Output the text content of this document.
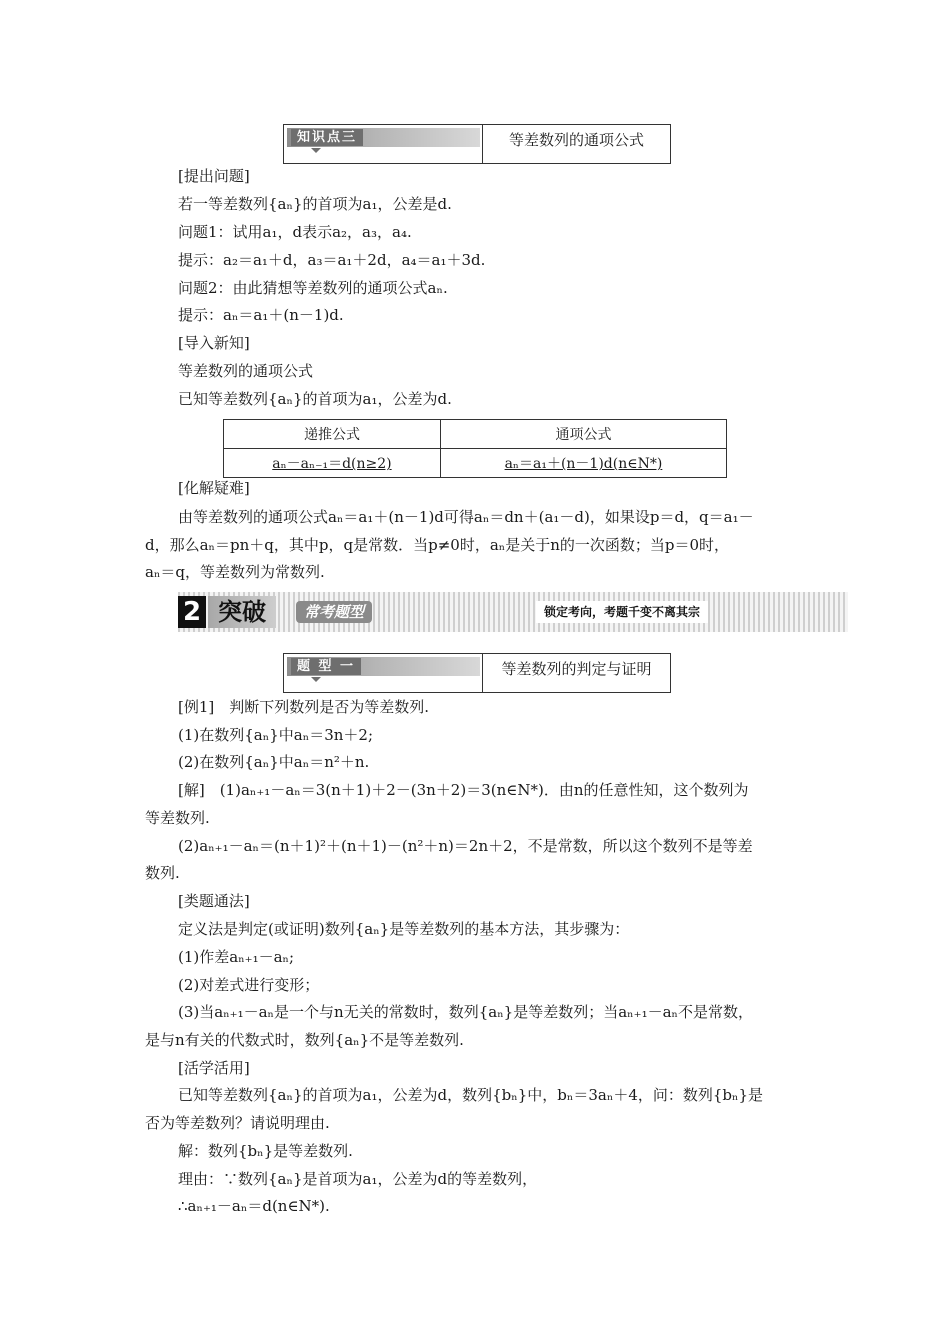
知识点三	等差数列的通项公式
[提出问题]
若一等差数列{aₙ}的首项为a₁，公差是d.
问题1：试用a₁，d表示a₂，a₃，a₄.
提示：a₂＝a₁＋d，a₃＝a₁＋2d，a₄＝a₁＋3d.
问题2：由此猜想等差数列的通项公式aₙ.
提示：aₙ＝a₁＋(n－1)d.
[导入新知]
等差数列的通项公式
已知等差数列{aₙ}的首项为a₁，公差为d.
递推公式	通项公式
aₙ－aₙ₋₁＝d(n≥2)	aₙ＝a₁＋(n－1)d(n∈N*)
[化解疑难]
由等差数列的通项公式aₙ＝a₁＋(n－1)d可得aₙ＝dn＋(a₁－d)，如果设p＝d，q＝a₁－
d，那么aₙ＝pn＋q，其中p，q是常数．当p≠0时，aₙ是关于n的一次函数；当p＝0时，
aₙ＝q，等差数列为常数列.
2 突破	常考题型	锁定考向，考题千变不离其宗
题 型 一	等差数列的判定与证明
[例1]　判断下列数列是否为等差数列.
(1)在数列{aₙ}中aₙ＝3n＋2;
(2)在数列{aₙ}中aₙ＝n²＋n.
[解]　(1)aₙ₊₁－aₙ＝3(n＋1)＋2－(3n＋2)＝3(n∈N*)．由n的任意性知，这个数列为
等差数列.
(2)aₙ₊₁－aₙ＝(n＋1)²＋(n＋1)－(n²＋n)＝2n＋2，不是常数，所以这个数列不是等差
数列.
[类题通法]
定义法是判定(或证明)数列{aₙ}是等差数列的基本方法，其步骤为：
(1)作差aₙ₊₁－aₙ;
(2)对差式进行变形；
(3)当aₙ₊₁－aₙ是一个与n无关的常数时，数列{aₙ}是等差数列；当aₙ₊₁－aₙ不是常数，
是与n有关的代数式时，数列{aₙ}不是等差数列.
[活学活用]
已知等差数列{aₙ}的首项为a₁，公差为d，数列{bₙ}中，bₙ＝3aₙ＋4，问：数列{bₙ}是
否为等差数列？请说明理由.
解：数列{bₙ}是等差数列.
理由：∵数列{aₙ}是首项为a₁，公差为d的等差数列，
∴aₙ₊₁－aₙ＝d(n∈N*).
